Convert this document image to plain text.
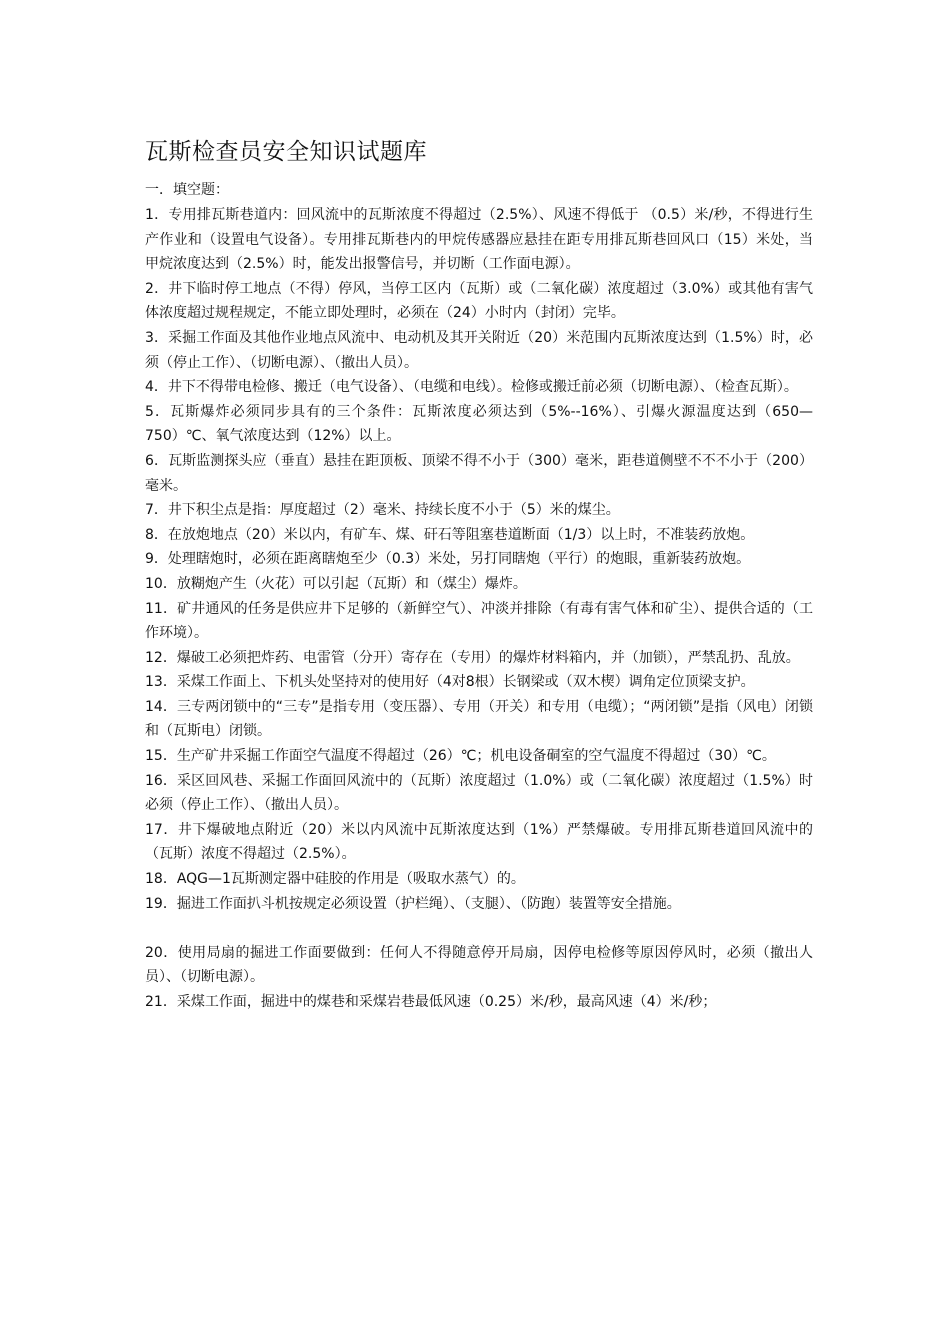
瓦斯检查员安全知识试题库

一．填空题：

1．专用排瓦斯巷道内：回风流中的瓦斯浓度不得超过（2.5%）、风速不得低于 （0.5）米/秒，不得进行生产作业和（设置电气设备）。专用排瓦斯巷内的甲烷传感器应悬挂在距专用排瓦斯巷回风口（15）米处，当甲烷浓度达到（2.5%）时，能发出报警信号，并切断（工作面电源）。

2．井下临时停工地点（不得）停风，当停工区内（瓦斯）或（二氧化碳）浓度超过（3.0%）或其他有害气体浓度超过规程规定，不能立即处理时，必须在（24）小时内（封闭）完毕。

3．采掘工作面及其他作业地点风流中、电动机及其开关附近（20）米范围内瓦斯浓度达到（1.5%）时，必须（停止工作）、（切断电源）、（撤出人员）。

4．井下不得带电检修、搬迁（电气设备）、（电缆和电线）。检修或搬迁前必须（切断电源）、（检查瓦斯）。

5．瓦斯爆炸必须同步具有的三个条件：瓦斯浓度必须达到（5%--16%）、引爆火源温度达到（650—750）℃、氧气浓度达到（12%）以上。

6．瓦斯监测探头应（垂直）悬挂在距顶板、顶梁不得不小于（300）毫米，距巷道侧壁不不不小于（200）毫米。

7．井下积尘点是指：厚度超过（2）毫米、持续长度不小于（5）米的煤尘。

8．在放炮地点（20）米以内，有矿车、煤、矸石等阻塞巷道断面（1/3）以上时，不准装药放炮。

9．处理瞎炮时，必须在距离瞎炮至少（0.3）米处，另打同瞎炮（平行）的炮眼，重新装药放炮。

10．放糊炮产生（火花）可以引起（瓦斯）和（煤尘）爆炸。

11．矿井通风的任务是供应井下足够的（新鲜空气）、冲淡并排除（有毒有害气体和矿尘）、提供合适的（工作环境）。

12．爆破工必须把炸药、电雷管（分开）寄存在（专用）的爆炸材料箱内，并（加锁），严禁乱扔、乱放。

13．采煤工作面上、下机头处坚持对的使用好（4对8根）长钢梁或（双木楔）调角定位顶梁支护。

14．三专两闭锁中的“三专”是指专用（变压器）、专用（开关）和专用（电缆）；“两闭锁”是指（风电）闭锁和（瓦斯电）闭锁。

15．生产矿井采掘工作面空气温度不得超过（26）℃；机电设备硐室的空气温度不得超过（30）℃。

16．采区回风巷、采掘工作面回风流中的（瓦斯）浓度超过（1.0%）或（二氧化碳）浓度超过（1.5%）时必须（停止工作）、（撤出人员）。

17．井下爆破地点附近（20）米以内风流中瓦斯浓度达到（1%）严禁爆破。专用排瓦斯巷道回风流中的（瓦斯）浓度不得超过（2.5%）。

18．AQG—1瓦斯测定器中硅胶的作用是（吸取水蒸气）的。

19．掘进工作面扒斗机按规定必须设置（护栏绳）、（支腿）、（防跑）装置等安全措施。

20．使用局扇的掘进工作面要做到：任何人不得随意停开局扇，因停电检修等原因停风时，必须（撤出人员）、（切断电源）。

21．采煤工作面，掘进中的煤巷和采煤岩巷最低风速（0.25）米/秒，最高风速（4）米/秒；
